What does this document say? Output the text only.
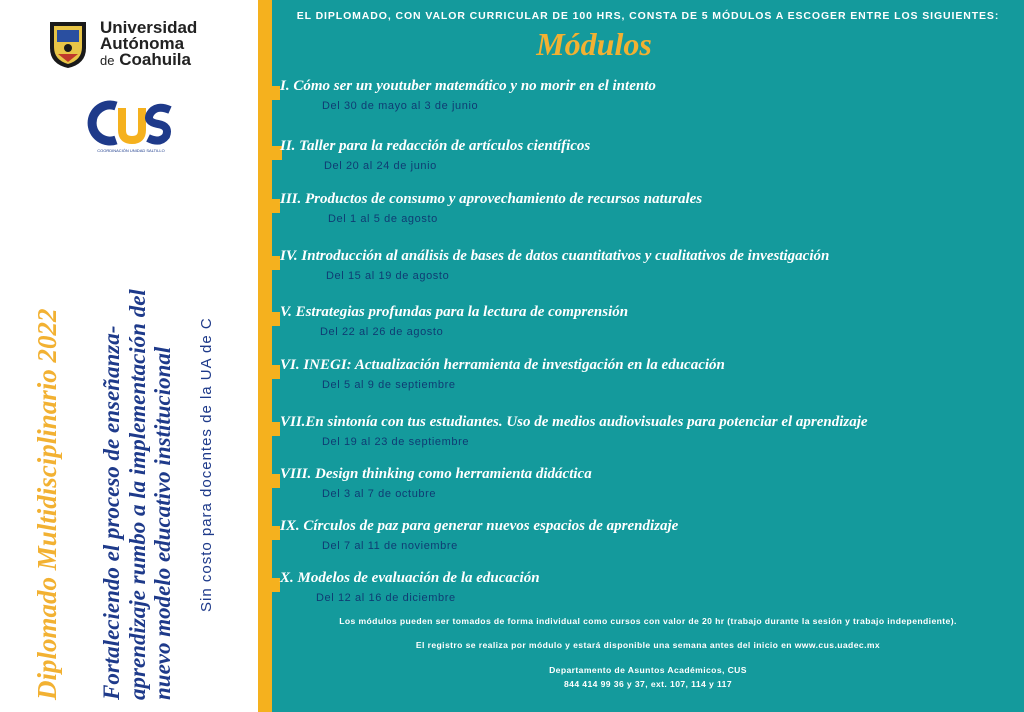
Universidad
Autónoma
de Coahuila
COORDINACIÓN UNIDAD SALTILLO
Diplomado Multidisciplinario 2022 Fortaleciendo el proceso de enseñanza- aprendizaje rumbo a la implementación del nuevo modelo educativo institucional Sin costo para docentes de la UA de C
EL DIPLOMADO, CON VALOR CURRICULAR DE 100 HRS, CONSTA DE 5 MÓDULOS A ESCOGER ENTRE LOS SIGUIENTES:
Módulos
I. Cómo ser un youtuber matemático y no morir en el intento
Del 30 de mayo al 3 de junio
II. Taller para la redacción de artículos científicos
Del 20 al 24 de junio
III. Productos de consumo y aprovechamiento de recursos naturales
Del 1 al 5 de agosto
IV. Introducción al análisis de bases de datos cuantitativos y cualitativos de investigación
Del 15 al 19 de agosto
V. Estrategias profundas para la lectura de comprensión
Del 22 al 26 de agosto
VI. INEGI: Actualización herramienta de investigación en la educación
Del 5 al 9 de septiembre
VII.En sintonía con tus estudiantes. Uso de medios audiovisuales para potenciar el aprendizaje
Del 19 al 23 de septiembre
VIII. Design thinking como herramienta didáctica
Del 3 al 7 de octubre
IX. Círculos de paz para generar nuevos espacios de aprendizaje
Del 7 al 11 de noviembre
X. Modelos de evaluación de la educación
Del 12 al 16 de diciembre
Los módulos pueden ser tomados de forma individual como cursos con valor de 20 hr (trabajo durante la sesión y trabajo independiente).
El registro se realiza por módulo y estará disponible una semana antes del inicio en www.cus.uadec.mx
Departamento de Asuntos Académicos, CUS
844 414 99 36 y 37, ext. 107, 114 y 117
